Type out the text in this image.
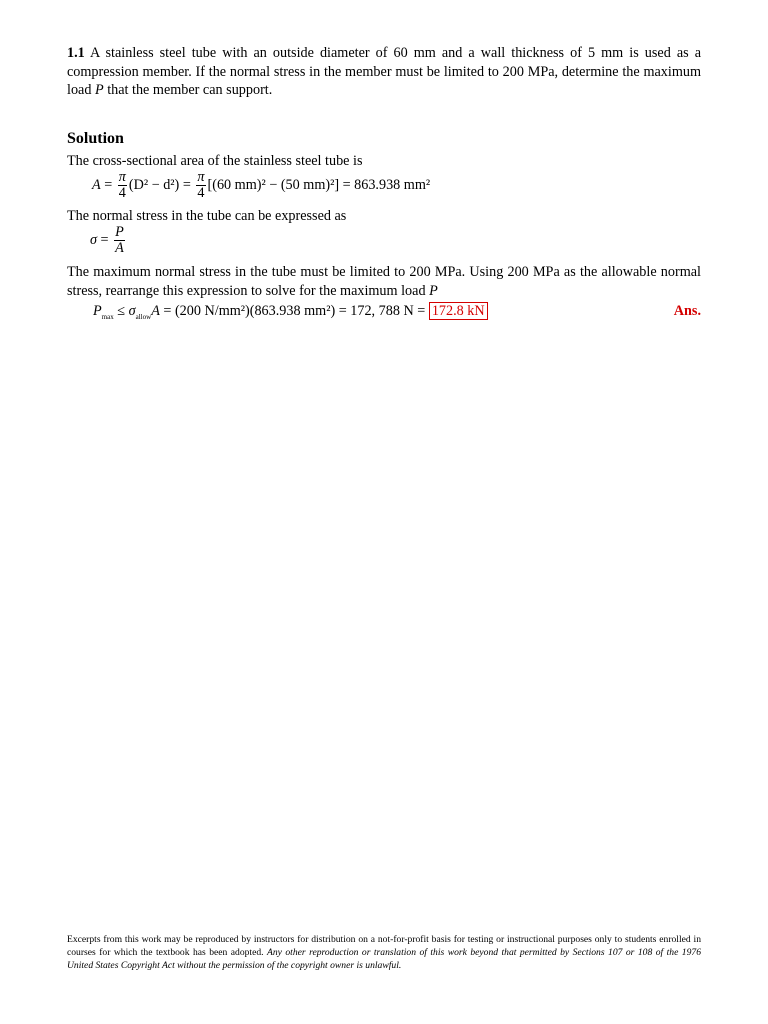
1.1 A stainless steel tube with an outside diameter of 60 mm and a wall thickness of 5 mm is used as a compression member. If the normal stress in the member must be limited to 200 MPa, determine the maximum load P that the member can support.
Solution
The cross-sectional area of the stainless steel tube is
$A = \frac{\pi}{4} (D^2 - d^2) = \frac{\pi}{4} [(60$ mm)² − (50 mm)²] = 863.938 mm²
The normal stress in the tube can be expressed as
$\sigma = \frac{P}{A}$
The maximum normal stress in the tube must be limited to 200 MPa. Using 200 MPa as the allowable normal stress, rearrange this expression to solve for the maximum load P
$P_{max} \le \sigma_{allow}A = (200$ N/mm²)(863.938 mm²) = 172, 788 N = 172.8 kN	Ans.
Excerpts from this work may be reproduced by instructors for distribution on a not-for-profit basis for testing or instructional purposes only to students enrolled in courses for which the textbook has been adopted. Any other reproduction or translation of this work beyond that permitted by Sections 107 or 108 of the 1976 United States Copyright Act without the permission of the copyright owner is unlawful.
